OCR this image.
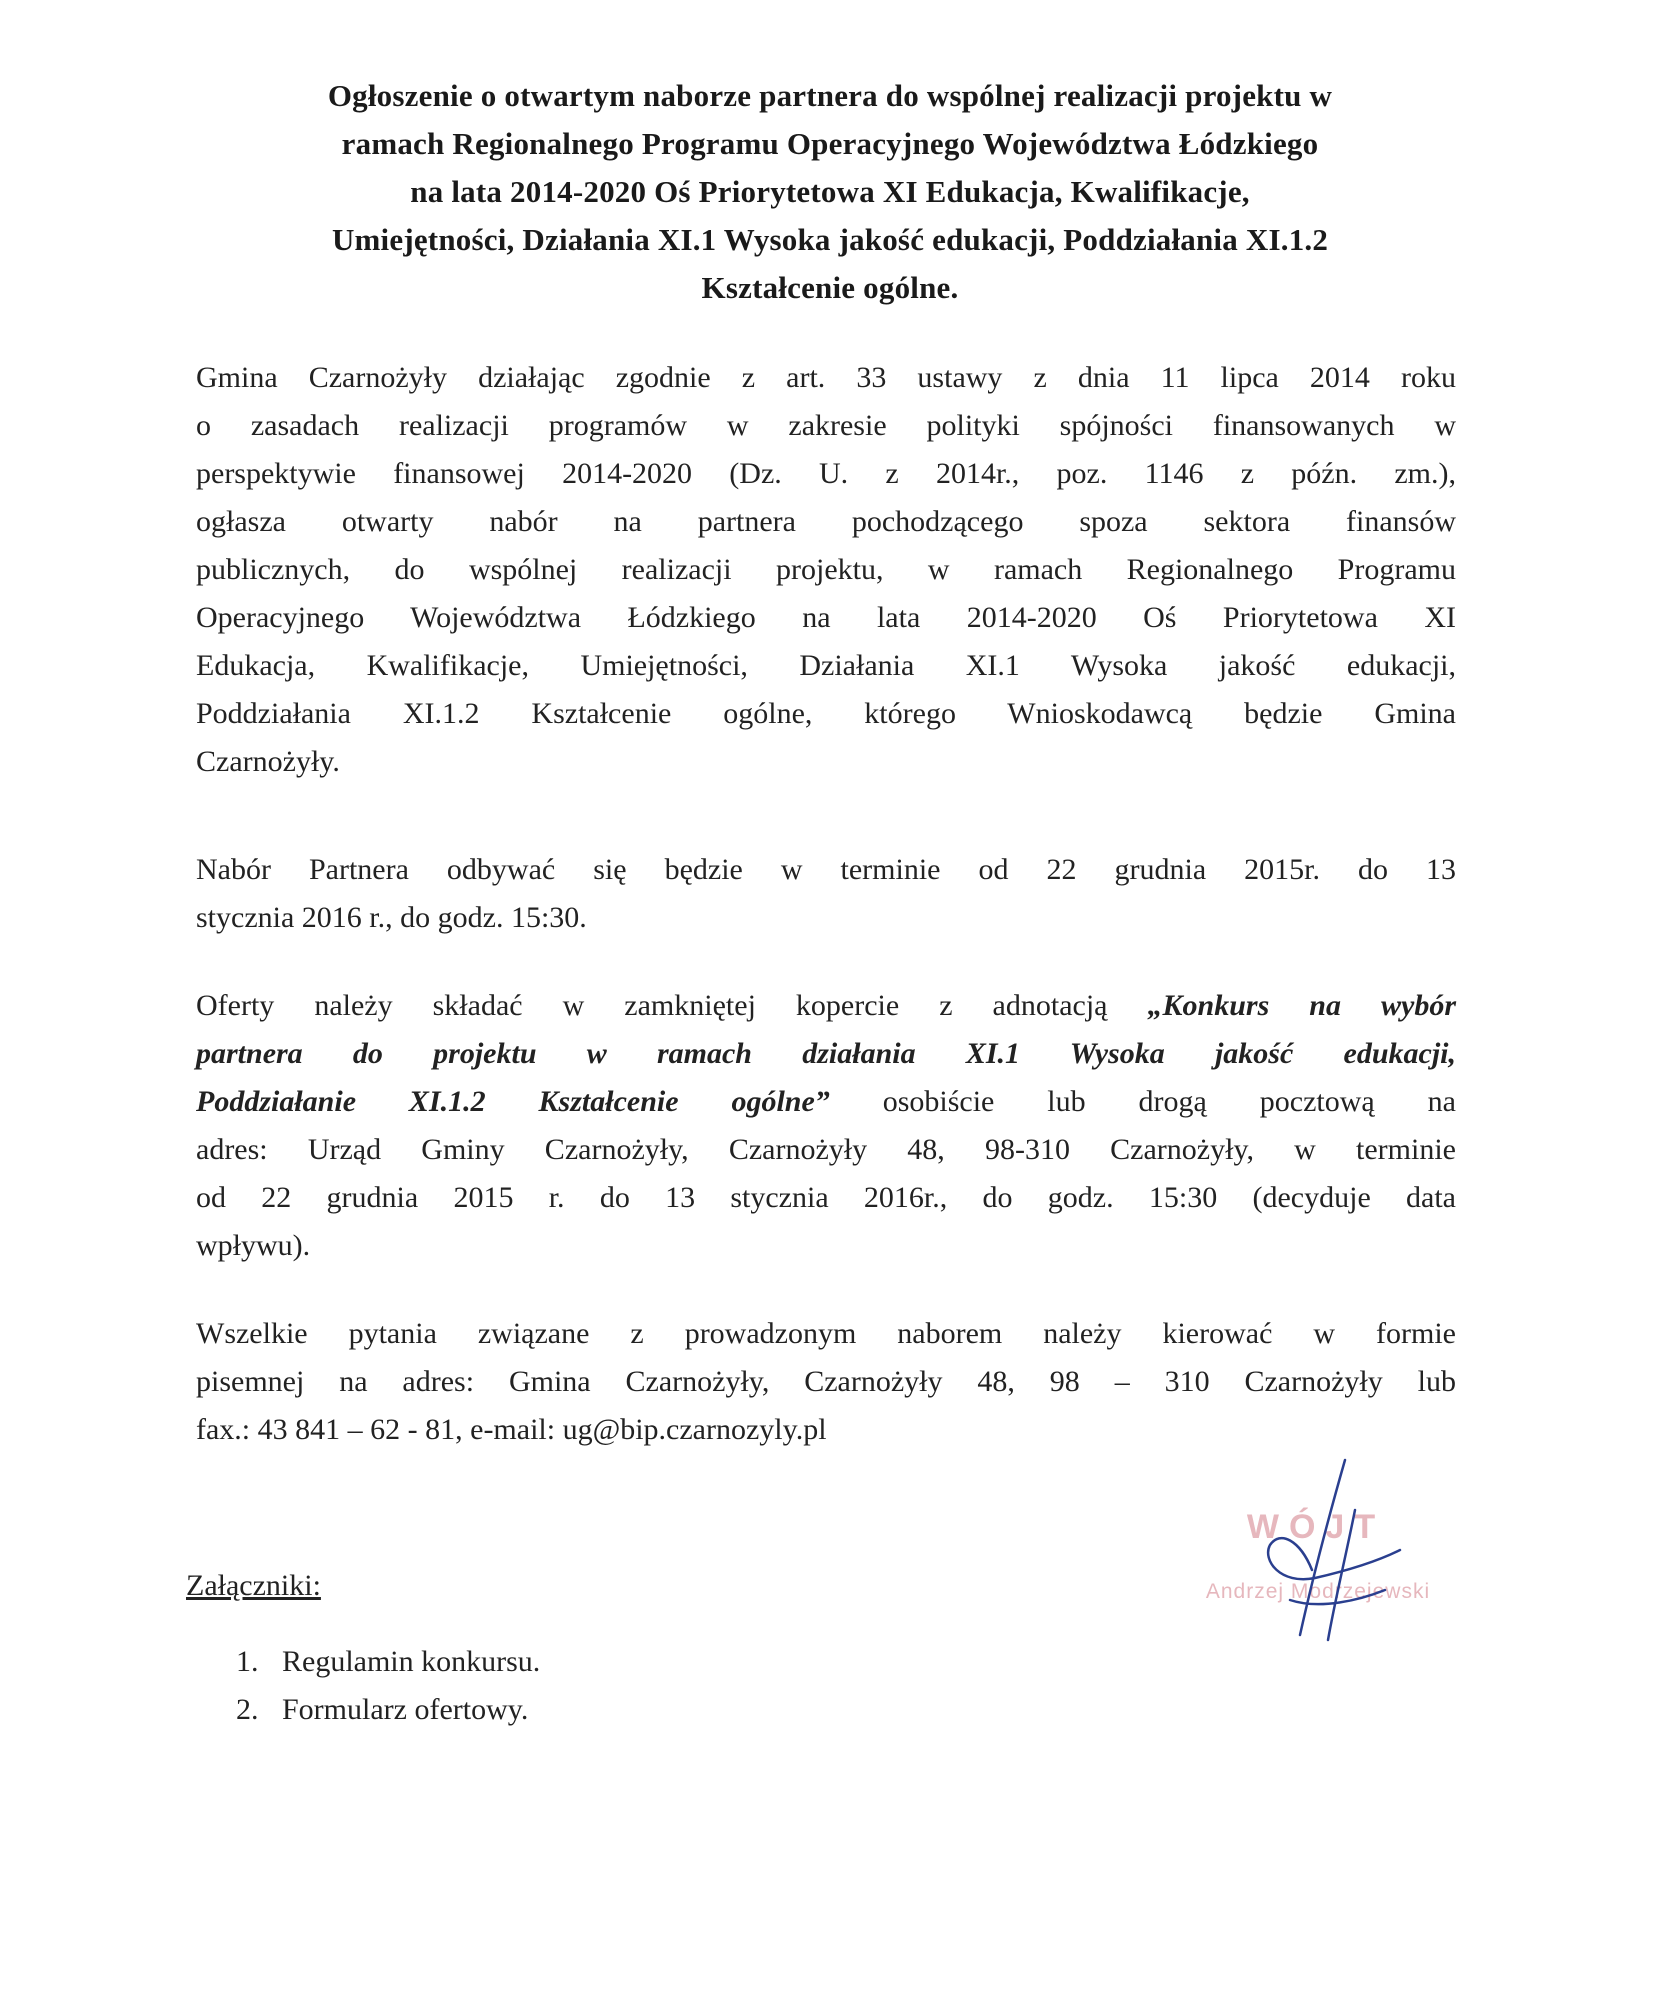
Ogłoszenie o otwartym naborze partnera do wspólnej realizacji projektu w
ramach Regionalnego Programu Operacyjnego Województwa Łódzkiego
na lata 2014-2020 Oś Priorytetowa XI Edukacja, Kwalifikacje,
Umiejętności, Działania XI.1 Wysoka jakość edukacji, Poddziałania XI.1.2
Kształcenie ogólne.
Gmina Czarnożyły działając zgodnie z art. 33 ustawy z dnia 11 lipca 2014 roku
o zasadach realizacji programów w zakresie polityki spójności finansowanych w
perspektywie finansowej 2014-2020 (Dz. U. z 2014r., poz. 1146 z późn. zm.),
ogłasza otwarty nabór na partnera pochodzącego spoza sektora finansów
publicznych, do wspólnej realizacji projektu, w ramach Regionalnego Programu
Operacyjnego Województwa Łódzkiego na lata 2014-2020 Oś Priorytetowa XI
Edukacja, Kwalifikacje, Umiejętności, Działania XI.1 Wysoka jakość edukacji,
Poddziałania XI.1.2 Kształcenie ogólne, którego Wnioskodawcą będzie Gmina
Czarnożyły.
Nabór Partnera odbywać się będzie w terminie od 22 grudnia 2015r. do 13
stycznia 2016 r., do godz. 15:30.
Oferty należy składać w zamkniętej kopercie z adnotacją „Konkurs na wybór
partnera do projektu w ramach działania XI.1 Wysoka jakość edukacji,
Poddziałanie XI.1.2 Kształcenie ogólne” osobiście lub drogą pocztową na
adres: Urząd Gminy Czarnożyły, Czarnożyły 48, 98-310 Czarnożyły, w terminie
od 22 grudnia 2015 r. do 13 stycznia 2016r., do godz. 15:30 (decyduje data
wpływu).
Wszelkie pytania związane z prowadzonym naborem należy kierować w formie
pisemnej na adres: Gmina Czarnożyły, Czarnożyły 48, 98 – 310 Czarnożyły lub
fax.: 43 841 – 62 - 81, e-mail: ug@bip.czarnozyly.pl
Załączniki:
1. Regulamin konkursu.
2. Formularz ofertowy.
WÓJT
Andrzej Modrzejewski
